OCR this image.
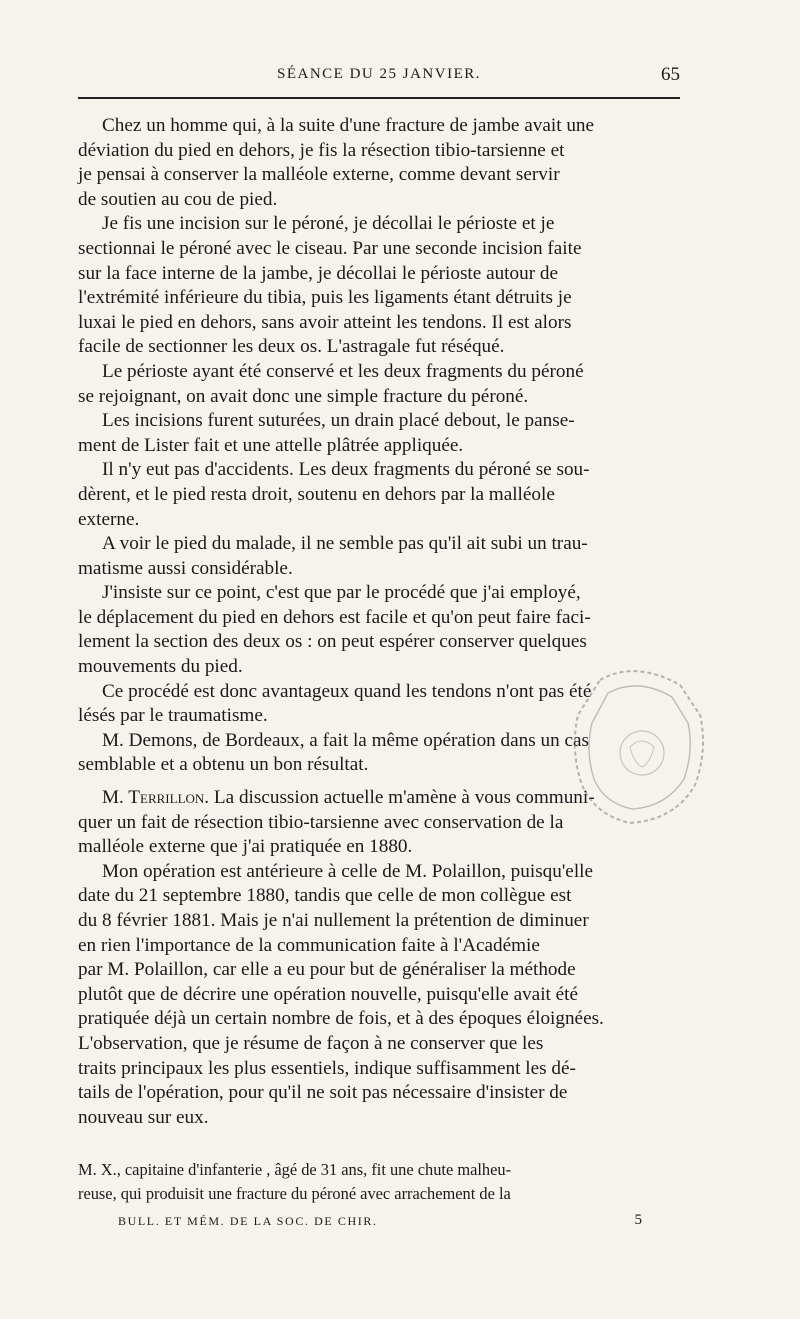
SÉANCE DU 25 JANVIER.	65

Chez un homme qui, à la suite d'une fracture de jambe avait une
déviation du pied en dehors, je fis la résection tibio-tarsienne et
je pensai à conserver la malléole externe, comme devant servir
de soutien au cou de pied.

Je fis une incision sur le péroné, je décollai le périoste et je
sectionnai le péroné avec le ciseau. Par une seconde incision faite
sur la face interne de la jambe, je décollai le périoste autour de
l'extrémité inférieure du tibia, puis les ligaments étant détruits je
luxai le pied en dehors, sans avoir atteint les tendons. Il est alors
facile de sectionner les deux os. L'astragale fut réséqué.

Le périoste ayant été conservé et les deux fragments du péroné
se rejoignant, on avait donc une simple fracture du péroné.

Les incisions furent suturées, un drain placé debout, le panse-
ment de Lister fait et une attelle plâtrée appliquée.

Il n'y eut pas d'accidents. Les deux fragments du péroné se sou-
dèrent, et le pied resta droit, soutenu en dehors par la malléole
externe.

A voir le pied du malade, il ne semble pas qu'il ait subi un trau-
matisme aussi considérable.

J'insiste sur ce point, c'est que par le procédé que j'ai employé,
le déplacement du pied en dehors est facile et qu'on peut faire faci-
lement la section des deux os : on peut espérer conserver quelques
mouvements du pied.

Ce procédé est donc avantageux quand les tendons n'ont pas été
lésés par le traumatisme.

M. Demons, de Bordeaux, a fait la même opération dans un cas
semblable et a obtenu un bon résultat.

M. Terrillon. La discussion actuelle m'amène à vous communi-
quer un fait de résection tibio-tarsienne avec conservation de la
malléole externe que j'ai pratiquée en 1880.

Mon opération est antérieure à celle de M. Polaillon, puisqu'elle
date du 21 septembre 1880, tandis que celle de mon collègue est
du 8 février 1881. Mais je n'ai nullement la prétention de diminuer
en rien l'importance de la communication faite à l'Académie
par M. Polaillon, car elle a eu pour but de généraliser la méthode
plutôt que de décrire une opération nouvelle, puisqu'elle avait été
pratiquée déjà un certain nombre de fois, et à des époques éloignées.
L'observation, que je résume de façon à ne conserver que les
traits principaux les plus essentiels, indique suffisamment les dé-
tails de l'opération, pour qu'il ne soit pas nécessaire d'insister de
nouveau sur eux.

M. X., capitaine d'infanterie , âgé de 31 ans, fit une chute malheu-
reuse, qui produisit une fracture du péroné avec arrachement de la

BULL. ET MÉM. DE LA SOC. DE CHIR.	5
